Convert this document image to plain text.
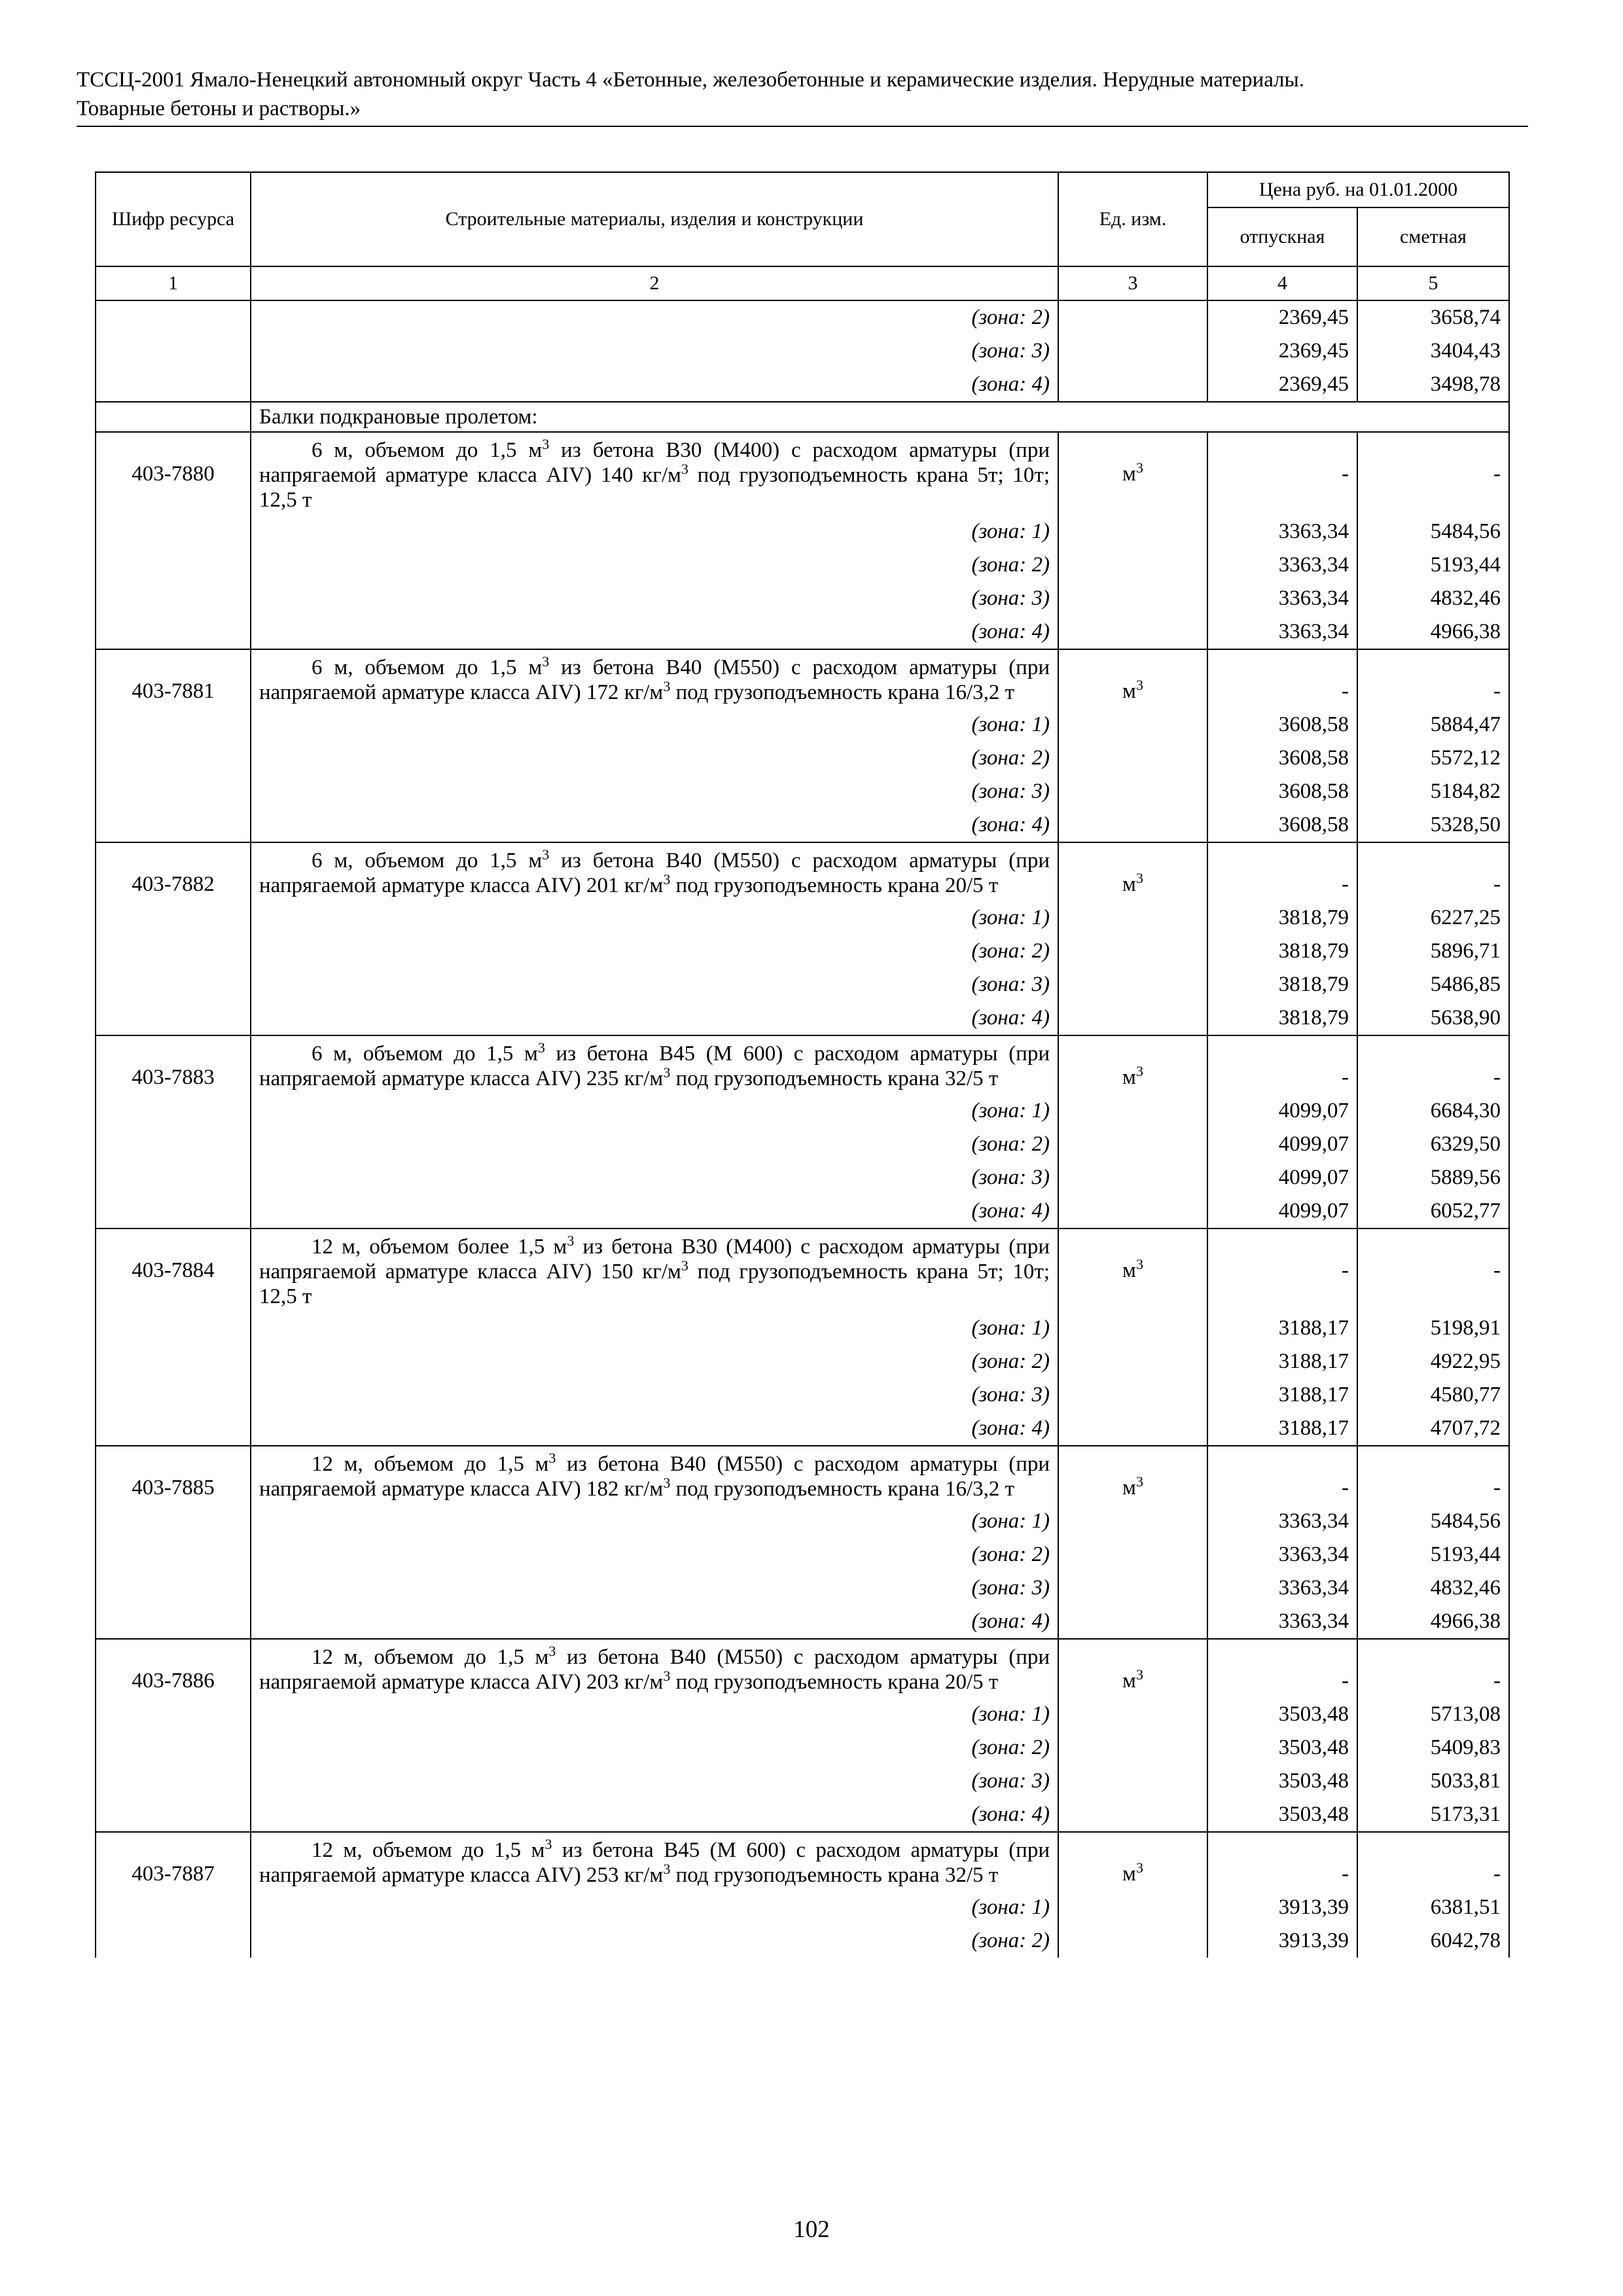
ТССЦ-2001 Ямало-Ненецкий автономный округ Часть 4 «Бетонные, железобетонные и керамические изделия. Нерудные материалы.
Товарные бетоны и растворы.»
Шифр ресурса	Строительные материалы, изделия и конструкции	Ед. изм.	Цена руб. на 01.01.2000	
			отпускная	сметная
1	2	3	4	5
	(зона: 2)		2369,45	3658,74
	(зона: 3)		2369,45	3404,43
	(зона: 4)		2369,45	3498,78
	Балки подкрановые пролетом:			
403-7880	6 м, объемом до 1,5 $м^3$ из бетона В30 (М400) с расходом арматуры (при напрягаемой арматуре класса АIV) 140 $кг/м^3$ под грузоподъемность крана 5т; 10т; 12,5 т	$м^3$	-	-
	(зона: 1)		3363,34	5484,56
	(зона: 2)		3363,34	5193,44
	(зона: 3)		3363,34	4832,46
	(зона: 4)		3363,34	4966,38
403-7881	6 м, объемом до 1,5 $м^3$ из бетона В40 (М550) с расходом арматуры (при напрягаемой арматуре класса АIV) 172 $кг/м^3$ под грузоподъемность крана 16/3,2 т	$м^3$	-	-
	(зона: 1)		3608,58	5884,47
	(зона: 2)		3608,58	5572,12
	(зона: 3)		3608,58	5184,82
	(зона: 4)		3608,58	5328,50
403-7882	6 м, объемом до 1,5 $м^3$ из бетона В40 (М550) с расходом арматуры (при напрягаемой арматуре класса АIV) 201 $кг/м^3$ под грузоподъемность крана 20/5 т	$м^3$	-	-
	(зона: 1)		3818,79	6227,25
	(зона: 2)		3818,79	5896,71
	(зона: 3)		3818,79	5486,85
	(зона: 4)		3818,79	5638,90
403-7883	6 м, объемом до 1,5 $м^3$ из бетона В45 (М 600) с расходом арматуры (при напрягаемой арматуре класса АIV) 235 $кг/м^3$ под грузоподъемность крана 32/5 т	$м^3$	-	-
	(зона: 1)		4099,07	6684,30
	(зона: 2)		4099,07	6329,50
	(зона: 3)		4099,07	5889,56
	(зона: 4)		4099,07	6052,77
403-7884	12 м, объемом более 1,5 $м^3$ из бетона В30 (М400) с расходом арматуры (при напрягаемой арматуре класса АIV) 150 $кг/м^3$ под грузоподъемность крана 5т; 10т; 12,5 т	$м^3$	-	-
	(зона: 1)		3188,17	5198,91
	(зона: 2)		3188,17	4922,95
	(зона: 3)		3188,17	4580,77
	(зона: 4)		3188,17	4707,72
403-7885	12 м, объемом до 1,5 $м^3$ из бетона В40 (М550) с расходом арматуры (при напрягаемой арматуре класса АIV) 182 $кг/м^3$ под грузоподъемность крана 16/3,2 т	$м^3$	-	-
	(зона: 1)		3363,34	5484,56
	(зона: 2)		3363,34	5193,44
	(зона: 3)		3363,34	4832,46
	(зона: 4)		3363,34	4966,38
403-7886	12 м, объемом до 1,5 $м^3$ из бетона В40 (М550) с расходом арматуры (при напрягаемой арматуре класса АIV) 203 $кг/м^3$ под грузоподъемность крана 20/5 т	$м^3$	-	-
	(зона: 1)		3503,48	5713,08
	(зона: 2)		3503,48	5409,83
	(зона: 3)		3503,48	5033,81
	(зона: 4)		3503,48	5173,31
403-7887	12 м, объемом до 1,5 $м^3$ из бетона В45 (М 600) с расходом арматуры (при напрягаемой арматуре класса АIV) 253 $кг/м^3$ под грузоподъемность крана 32/5 т	$м^3$	-	-
	(зона: 1)		3913,39	6381,51
	(зона: 2)		3913,39	6042,78
102
